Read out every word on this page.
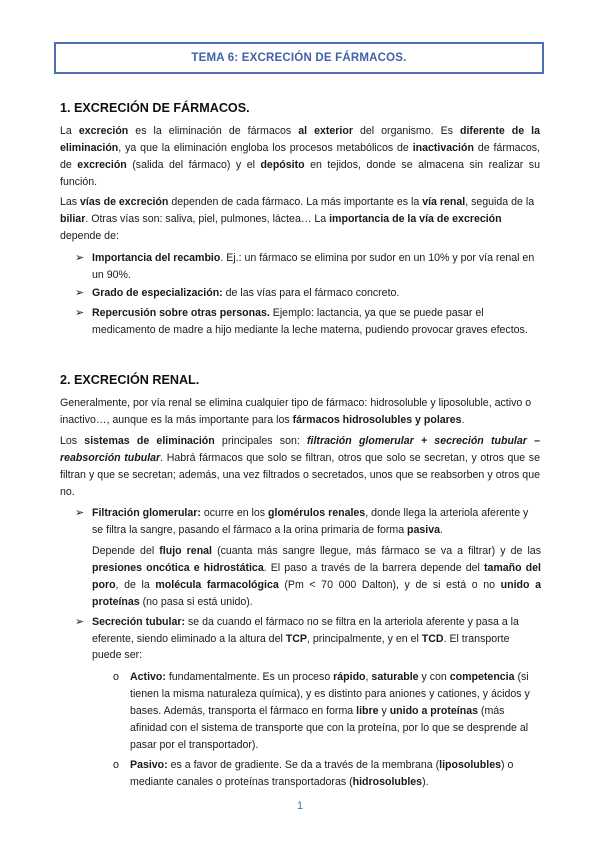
TEMA 6: EXCRECIÓN DE FÁRMACOS.
1. EXCRECIÓN DE FÁRMACOS.

La excreción es la eliminación de fármacos al exterior del organismo. Es diferente de la eliminación, ya que la eliminación engloba los procesos metabólicos de inactivación de fármacos, de excreción (salida del fármaco) y el depósito en tejidos, donde se almacena sin realizar su función.

Las vías de excreción dependen de cada fármaco. La más importante es la vía renal, seguida de la biliar. Otras vías son: saliva, piel, pulmones, láctea… La importancia de la vía de excreción depende de:

➢ Importancia del recambio. Ej.: un fármaco se elimina por sudor en un 10% y por vía renal en un 90%.
➢ Grado de especialización: de las vías para el fármaco concreto.
➢ Repercusión sobre otras personas. Ejemplo: lactancia, ya que se puede pasar el medicamento de madre a hijo mediante la leche materna, pudiendo provocar graves efectos.
2. EXCRECIÓN RENAL.

Generalmente, por vía renal se elimina cualquier tipo de fármaco: hidrosoluble y liposoluble, activo o inactivo…, aunque es la más importante para los fármacos hidrosolubles y polares.

Los sistemas de eliminación principales son: filtración glomerular + secreción tubular – reabsorción tubular. Habrá fármacos que solo se filtran, otros que solo se secretan, y otros que se filtran y que se secretan; además, una vez filtrados o secretados, unos que se reabsorben y otros que no.

➢ Filtración glomerular: ocurre en los glomérulos renales, donde llega la arteriola aferente y se filtra la sangre, pasando el fármaco a la orina primaria de forma pasiva.
Depende del flujo renal (cuanta más sangre llegue, más fármaco se va a filtrar) y de las presiones oncótica e hidrostática. El paso a través de la barrera depende del tamaño del poro, de la molécula farmacológica (Pm < 70 000 Dalton), y de si está o no unido a proteínas (no pasa si está unido).
➢ Secreción tubular: se da cuando el fármaco no se filtra en la arteriola aferente y pasa a la eferente, siendo eliminado a la altura del TCP, principalmente, y en el TCD. El transporte puede ser:
o Activo: fundamentalmente. Es un proceso rápido, saturable y con competencia (si tienen la misma naturaleza química), y es distinto para aniones y cationes, y ácidos y bases. Además, transporta el fármaco en forma libre y unido a proteínas (más afinidad con el sistema de transporte que con la proteína, por lo que se desprende al pasar por el transportador).
o Pasivo: es a favor de gradiente. Se da a través de la membrana (liposolubles) o mediante canales o proteínas transportadoras (hidrosolubles).
1
